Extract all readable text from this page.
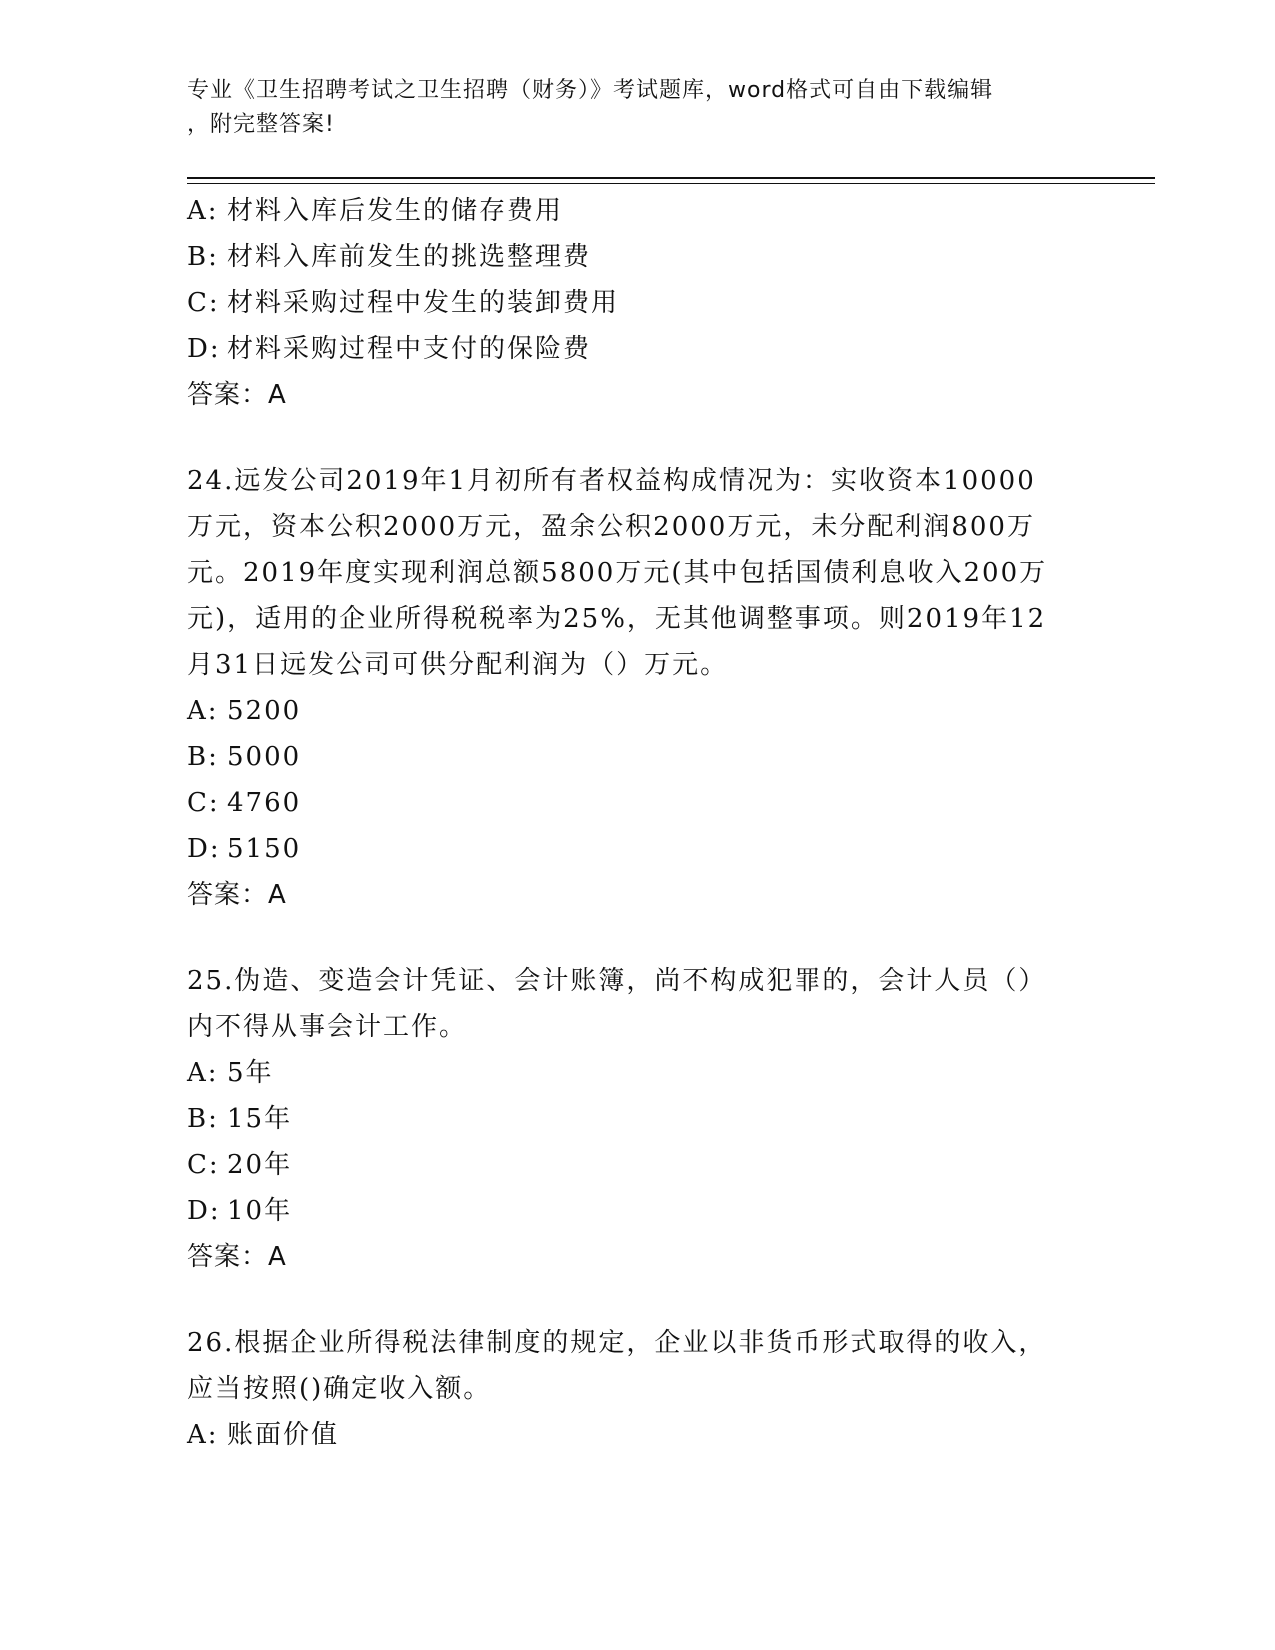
专业《卫生招聘考试之卫生招聘（财务）》考试题库，word格式可自由下载编辑
，附完整答案!
A: 材料入库后发生的储存费用
B: 材料入库前发生的挑选整理费
C: 材料采购过程中发生的装卸费用
D: 材料采购过程中支付的保险费
答案：A
24.远发公司2019年1月初所有者权益构成情况为：实收资本10000
万元，资本公积2000万元，盈余公积2000万元，未分配利润800万
元。2019年度实现利润总额5800万元(其中包括国债利息收入200万
元)，适用的企业所得税税率为25%，无其他调整事项。则2019年12
月31日远发公司可供分配利润为（）万元。
A: 5200
B: 5000
C: 4760
D: 5150
答案：A
25.伪造、变造会计凭证、会计账簿，尚不构成犯罪的，会计人员（）
内不得从事会计工作。
A: 5年
B: 15年
C: 20年
D: 10年
答案：A
26.根据企业所得税法律制度的规定，企业以非货币形式取得的收入，
应当按照()确定收入额。
A: 账面价值
